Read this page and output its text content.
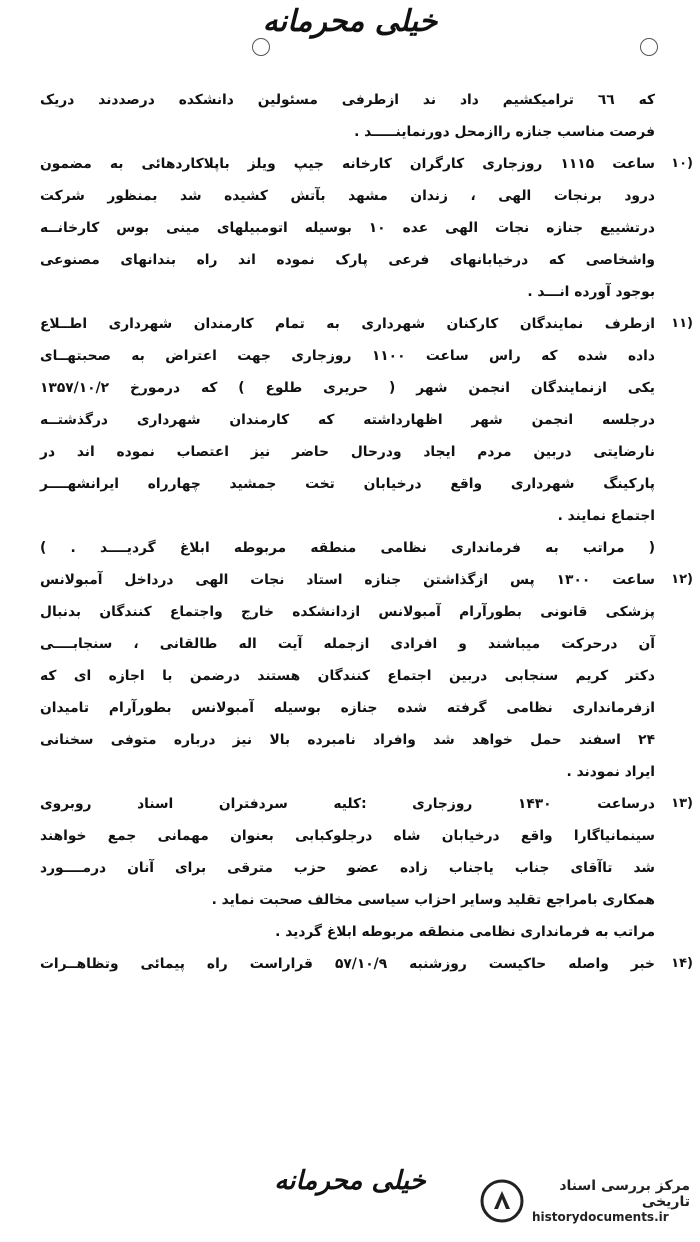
خیلی محرمانه
که ٦٦ ترامیکشیم داد ند ازطرفی مسئولین دانشکده درصددند دریک
فرصت مناسب جنازه راازمحل دورنماینـــــد .
(۱۰
ساعت ۱۱۱۵ روزجاری کارگران کارخانه جیپ ویلز باپلاکاردهائی به مضمون
درود برنجات الهی ، زندان مشهد بآتش کشیده شد بمنظور شرکت
درتشییع جنازه نجات الهی عده ۱۰ بوسیله اتومبیلهای مینی بوس کارخانــه
واشخاصی که درخیابانهای فرعی پارک نموده اند راه بندانهای مصنوعی
بوجود آورده انـــد .
(۱۱
ازطرف نمایندگان کارکنان شهرداری به تمام کارمندان شهرداری اطــلاع
داده شده که راس ساعت ۱۱۰۰ روزجاری جهت اعتراض به صحبتهــای
یکی ازنمایندگان انجمن شهر ( حریری طلوع ) که درمورخ ۱۳۵۷/۱۰/۲
درجلسه انجمن شهر اظهارداشته که کارمندان شهرداری درگذشتــه
نارضایتی دربین مردم ایجاد ودرحال حاضر نیز اعتصاب نموده اند در
پارکینگ شهرداری واقع درخیابان تخت جمشید چهارراه ایرانشهــــر
اجتماع نمایند .
( مراتب به فرمانداری نظامی منطقه مربوطه ابلاغ گردیــــد . )
(۱۲
ساعت ۱۳۰۰ پس ازگذاشتن جنازه استاد نجات الهی درداخل آمبولانس
پزشکی قانونی بطورآرام آمبولانس ازدانشکده خارج واجتماع کنندگان بدنبال
آن درحرکت میباشند و افرادی ازجمله آیت اله طالقانی ، سنجابــــی
دکتر کریم سنجابی دربین اجتماع کنندگان هستند درضمن با اجازه ای که
ازفرمانداری نظامی گرفته شده جنازه بوسیله آمبولانس بطورآرام تامیدان
۲۴ اسفند حمل خواهد شد وافراد نامبرده بالا نیز درباره متوفی سخنانی
ایراد نمودند .
(۱۳
درساعت ۱۴۳۰ روزجاری :کلیه سردفتران اسناد روبروی
سینمانیاگارا واقع درخیابان شاه درجلوکبابی بعنوان مهمانی جمع خواهند
شد تاآقای جناب یاجناب زاده عضو حزب مترقی برای آنان درمــــورد
همکاری بامراجع تقلید وسایر احزاب سیاسی مخالف صحبت نماید .
مراتب به فرمانداری نظامی منطقه مربوطه ابلاغ گردید .
(۱۴
خبر واصله حاکیست روزشنبه ۵۷/۱۰/۹ قراراست راه پیمائی وتظاهــرات
خیلی محرمانه	مرکز بررسی اسناد تاریخی
historydocuments.ir
